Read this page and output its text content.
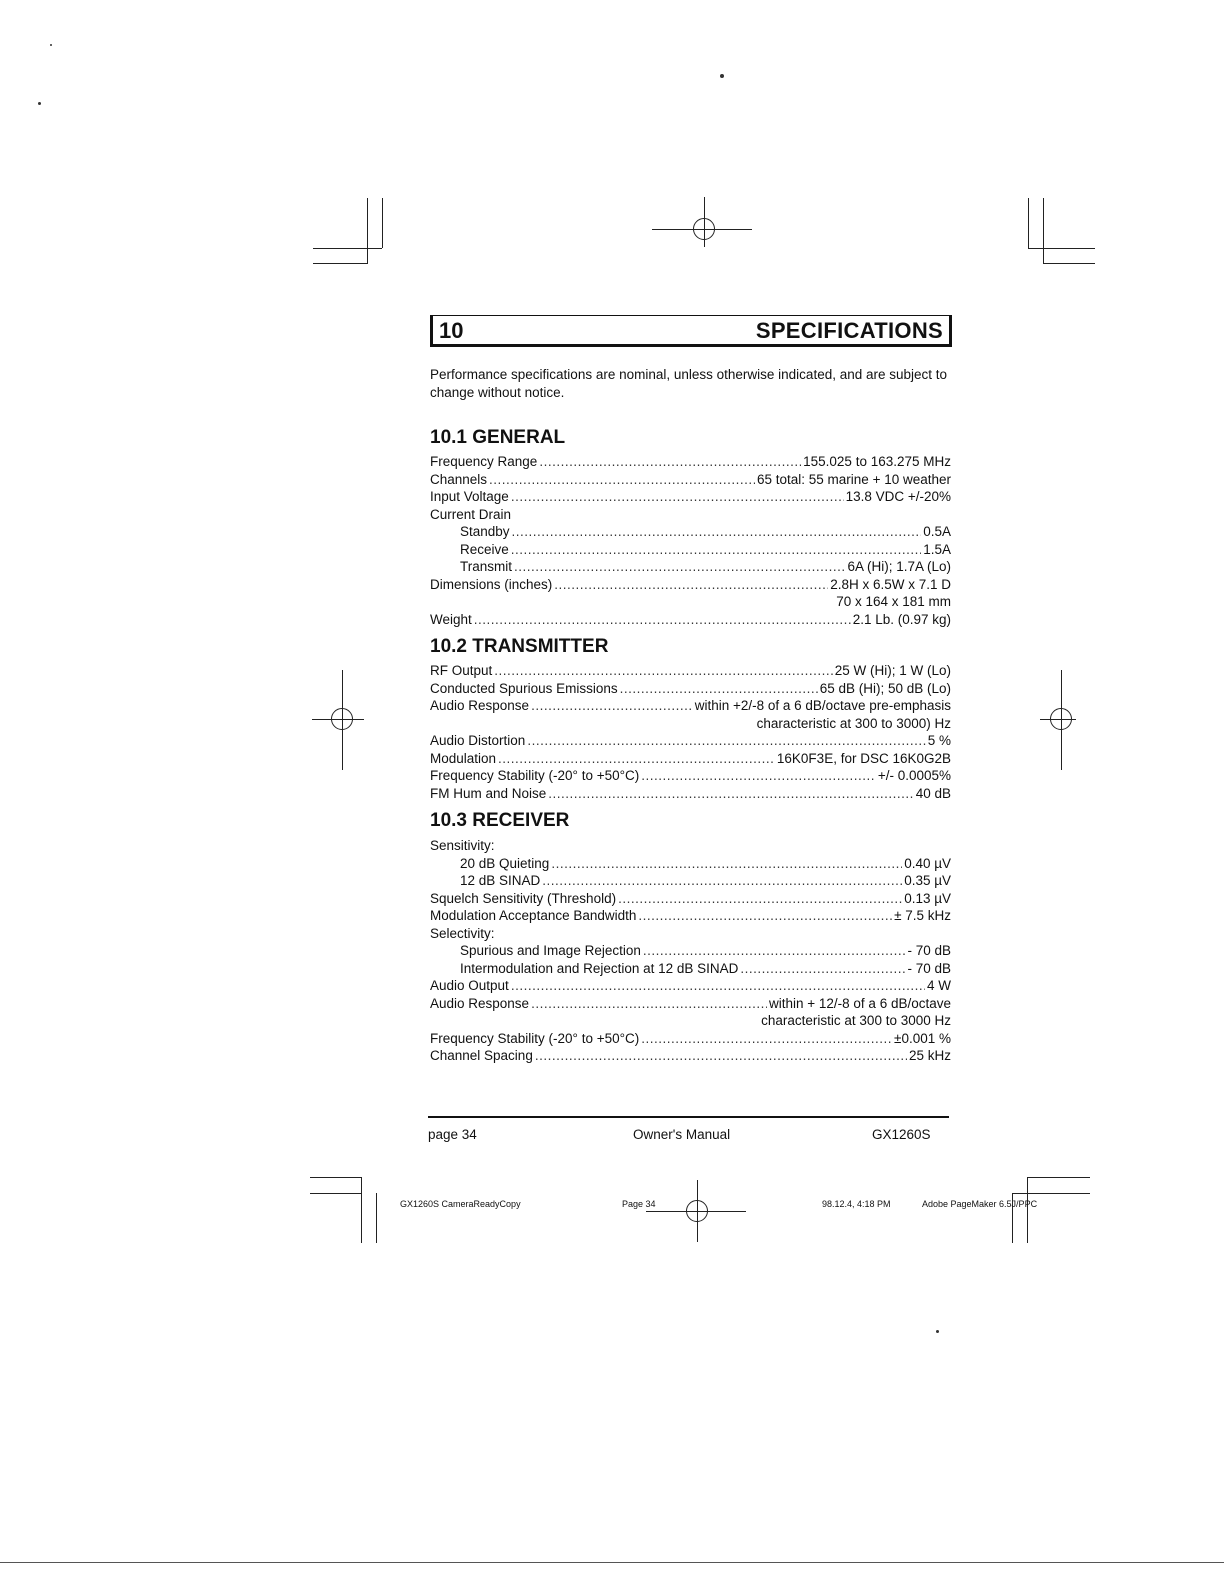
10	SPECIFICATIONS
Performance specifications are nominal, unless otherwise indicated, and are subject to change without notice.
10.1 GENERAL
Frequency Range .....	155.025 to 163.275 MHz
Channels .....	65 total: 55 marine + 10 weather
Input Voltage .....	13.8 VDC +/-20%
Current Drain
Standby .....	0.5A
Receive .....	1.5A
Transmit .....	6A (Hi); 1.7A (Lo)
Dimensions (inches) .....	2.8H x 6.5W x 7.1 D
70 x 164 x 181 mm
Weight .....	2.1 Lb. (0.97 kg)
10.2 TRANSMITTER
RF Output .....	25 W (Hi); 1 W (Lo)
Conducted Spurious Emissions .....	65 dB (Hi); 50 dB (Lo)
Audio Response .....	within +2/-8 of a 6 dB/octave pre-emphasis
characteristic at 300 to 3000) Hz
Audio Distortion .....	5 %
Modulation .....	16K0F3E, for DSC 16K0G2B
Frequency Stability (-20° to +50°C) .....	+/- 0.0005%
FM Hum and Noise .....	40 dB
10.3 RECEIVER
Sensitivity:
20 dB Quieting .....	0.40 µV
12 dB SINAD .....	0.35 µV
Squelch Sensitivity (Threshold) .....	0.13 µV
Modulation Acceptance Bandwidth .....	± 7.5 kHz
Selectivity:
Spurious and Image Rejection .....	- 70 dB
Intermodulation and Rejection at 12 dB SINAD .....	- 70 dB
Audio Output .....	4 W
Audio Response .....	within + 12/-8 of a 6 dB/octave
characteristic at 300 to 3000 Hz
Frequency Stability (-20° to +50°C) .....	±0.001 %
Channel Spacing .....	25 kHz
page 34	Owner's Manual	GX1260S
GX1260S CameraReadyCopy	Page 34	98.12.4, 4:18 PM	Adobe PageMaker 6.5J/PPC
